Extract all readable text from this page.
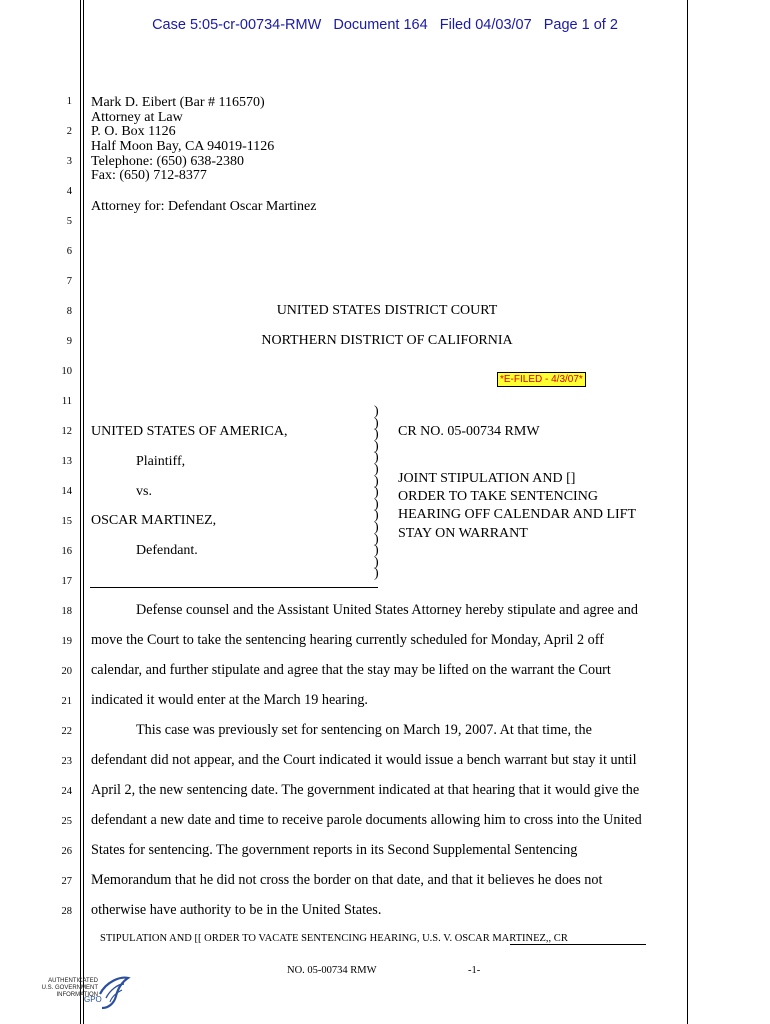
Case 5:05-cr-00734-RMW   Document 164   Filed 04/03/07   Page 1 of 2
1
2
3
4
5
6
7
8
9
10
11
12
13
14
15
16
17
18
19
20
21
22
23
24
25
26
27
28
Mark D. Eibert (Bar # 116570)
Attorney at Law
P. O. Box 1126
Half Moon Bay, CA 94019-1126
Telephone: (650) 638-2380
Fax: (650) 712-8377
Attorney for: Defendant Oscar Martinez
UNITED STATES DISTRICT COURT
NORTHERN DISTRICT OF CALIFORNIA
*E-FILED - 4/3/07*
UNITED STATES OF AMERICA,
Plaintiff,
vs.
OSCAR MARTINEZ,
Defendant.
)
)
)
)
)
)
)
)
)
)
)
)
)
)
)
CR NO. 05-00734 RMW
JOINT STIPULATION AND []
ORDER TO TAKE SENTENCING
HEARING OFF CALENDAR AND LIFT
STAY ON WARRANT
Defense counsel and the Assistant United States Attorney hereby stipulate and agree and
move the Court to take the sentencing hearing currently scheduled for Monday, April 2 off
calendar, and further stipulate and agree that the stay may be lifted on the warrant the Court
indicated it would enter at the March 19 hearing.
This case was previously set for sentencing on March 19, 2007. At that time, the
defendant did not appear, and the Court indicated it would issue a bench warrant but stay it until
April 2, the new sentencing date. The government indicated at that hearing that it would give the
defendant a new date and time to receive parole documents allowing him to cross into the United
States for sentencing. The government reports in its Second Supplemental Sentencing
Memorandum that he did not cross the border on that date, and that it believes he does not
otherwise have authority to be in the United States.
STIPULATION AND [[ ORDER TO VACATE SENTENCING HEARING, U.S. V. OSCAR MARTINEZ,, CR
NO. 05-00734 RMW	-1-
AUTHENTICATED
U.S. GOVERNMENT
INFORMATION
GPO
